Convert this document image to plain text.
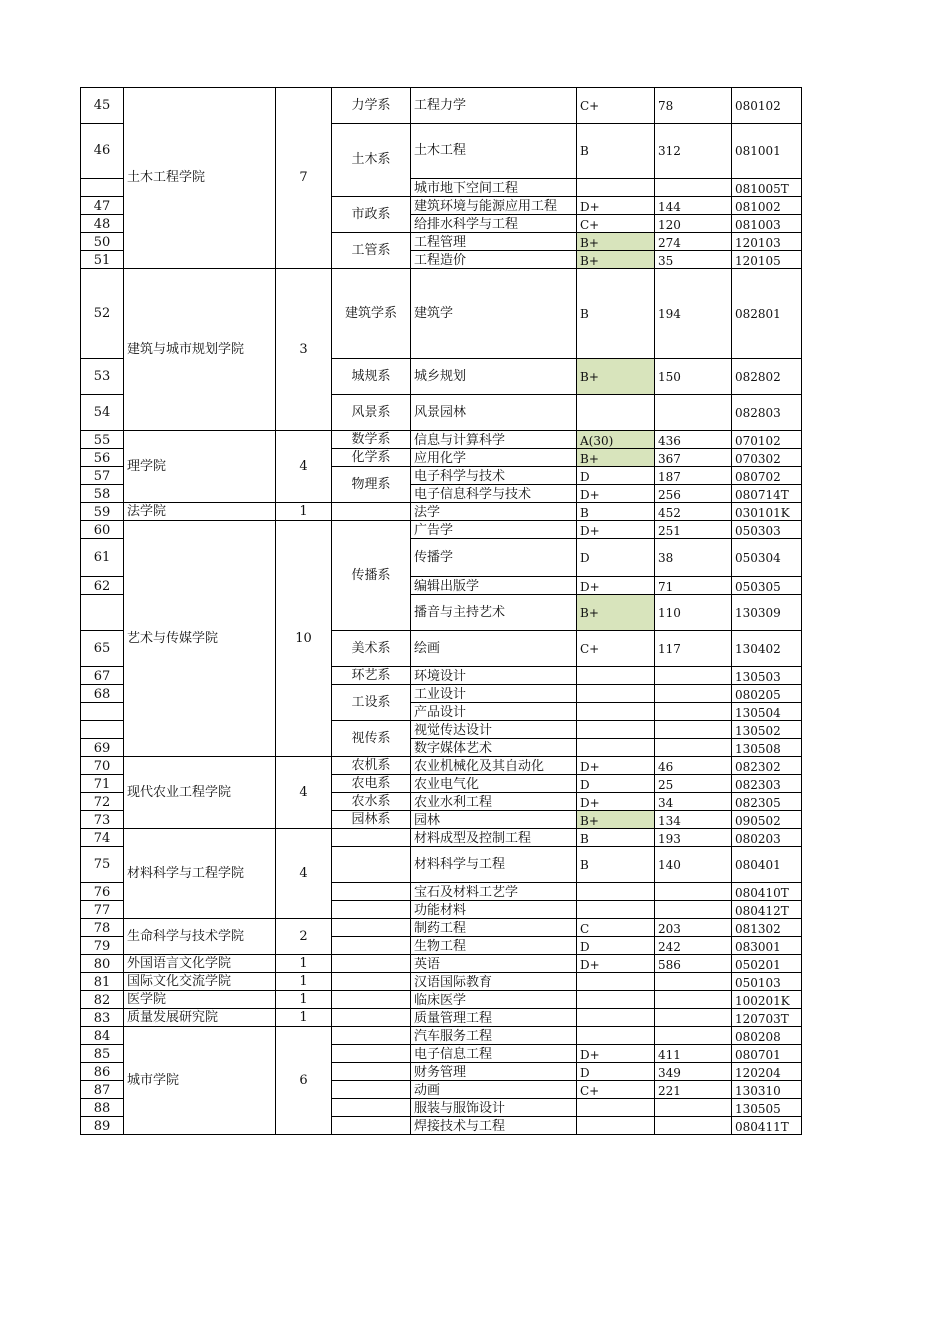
45	土木工程学院	7	力学系	工程力学	C+	78	080102
46			土木系	土木工程	B	312	081001
				城市地下空间工程			081005T
47			市政系	建筑环境与能源应用工程	D+	144	081002
48				给排水科学与工程	C+	120	081003
50			工管系	工程管理	B+	274	120103
51				工程造价	B+	35	120105
52	建筑与城市规划学院	3	建筑学系	建筑学	B	194	082801
53			城规系	城乡规划	B+	150	082802
54			风景系	风景园林			082803
55	理学院	4	数学系	信息与计算科学	A(30)	436	070102
56			化学系	应用化学	B+	367	070302
57			物理系	电子科学与技术	D	187	080702
58				电子信息科学与技术	D+	256	080714T
59	法学院	1		法学	B	452	030101K
60	艺术与传媒学院	10	传播系	广告学	D+	251	050303
61				传播学	D	38	050304
62				编辑出版学	D+	71	050305
				播音与主持艺术	B+	110	130309
65			美术系	绘画	C+	117	130402
67			环艺系	环境设计			130503
68			工设系	工业设计			080205
				产品设计			130504
			视传系	视觉传达设计			130502
69				数字媒体艺术			130508
70	现代农业工程学院	4	农机系	农业机械化及其自动化	D+	46	082302
71			农电系	农业电气化	D	25	082303
72			农水系	农业水利工程	D+	34	082305
73			园林系	园林	B+	134	090502
74	材料科学与工程学院	4		材料成型及控制工程	B	193	080203
75				材料科学与工程	B	140	080401
76				宝石及材料工艺学			080410T
77				功能材料			080412T
78	生命科学与技术学院	2		制药工程	C	203	081302
79				生物工程	D	242	083001
80	外国语言文化学院	1		英语	D+	586	050201
81	国际文化交流学院	1		汉语国际教育			050103
82	医学院	1		临床医学			100201K
83	质量发展研究院	1		质量管理工程			120703T
84	城市学院	6		汽车服务工程			080208
85				电子信息工程	D+	411	080701
86				财务管理	D	349	120204
87				动画	C+	221	130310
88				服装与服饰设计			130505
89				焊接技术与工程			080411T
